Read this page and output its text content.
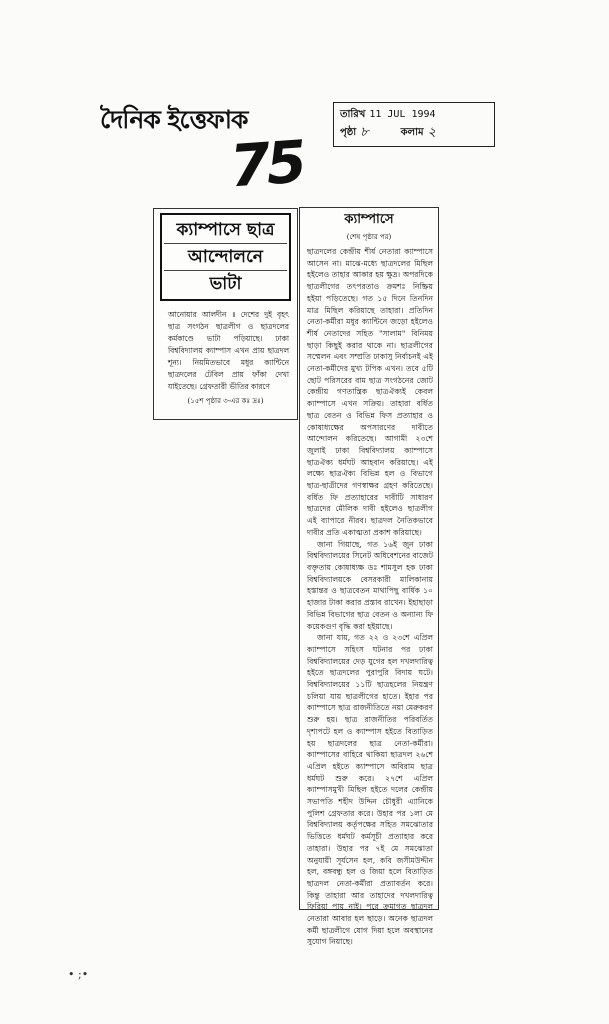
দৈনিক ইত্তেফাক	তারিখ 11 JUL 1994
পৃষ্ঠা ৮	কলাম ২
75
ক্যাম্পাসে ছাত্র
আন্দোলনে
ভাটা
আনোয়ার আলদীন ॥ দেশের দুই বৃহৎ ছাত্র সংগঠন ছাত্রলীগ ও ছাত্রদলের কর্মকাণ্ডে ভাটা পড়িয়াছে। ঢাকা বিশ্ববিদ্যালয় ক্যাম্পাস এখন প্রায় ছাত্রদল শূন্য। নিয়মিতভাবে মধুর ক্যান্টিনে ছাত্রদলের টেবিল প্রায় ফাঁকা দেখা যাইতেছে। গ্রেফতারী ভীতির কারণে
(১৫শ পৃষ্ঠার ৩-এর কঃ দ্রঃ)
ক্যাম্পাসে
(শেষ পৃষ্ঠার পর)

ছাত্রদলের কেন্দ্রীয় শীর্ষ নেতারা ক্যাম্পাসে আসেন না। মাঝে-মধ্যে ছাত্রদলের মিছিল হইলেও তাহার আকার হয় ক্ষুদ্র। অপরদিকে ছাত্রলীগের তৎপরতাও ক্রমশঃ নিষ্ক্রিয় হইয়া পড়িতেছে। গত ১৫ দিনে তিনদিন মাত্র মিছিল করিয়াছে তাহারা। প্রতিদিন নেতা-কর্মীরা মধুর ক্যান্টিনে জড়ো হইলেও শীর্ষ নেতাদের সহিত "সালাম" বিনিময় ছাড়া কিছুই করার থাকে না। ছাত্রলীগের সম্মেলন এবং সম্প্রতি ঢাকাসু নির্বাচনই এই নেতা-কর্মীদের মুখ্য টপিক এখন। তবে ৫টি ছোট পরিসরের বাম ছাত্র সংগঠনের জোট কেন্দ্রীয় গণতান্ত্রিক ছাত্রঐক্যই কেবল ক্যাম্পাসে এখন সক্রিয়। তাহারা বর্ধিত ছাত্র বেতন ও বিভিন্ন ফিস প্রত্যাহার ও কোষাধ্যক্ষের অপসারণের দাবীতে আন্দোলন করিতেছে। আগামী ২৩শে জুলাই ঢাকা বিশ্ববিদ্যালয় ক্যাম্পাসে ছাত্রঐক্য ধর্মঘট আহবান করিয়াছে। এই লক্ষ্যে ছাত্রঐক্য বিভিন্ন হল ও বিভাগে ছাত্র-ছাত্রীদের গণস্বাক্ষর গ্রহণ করিতেছে। বর্ধিত ফি প্রত্যাহারের দাবীটি সাধারণ ছাত্রদের মৌলিক দাবী হইলেও ছাত্রলীগ এই ব্যাপারে নীরব। ছাত্রদল নৈতিকভাবে দাবীর প্রতি একাত্মতা প্রকাশ করিয়াছে।

জানা গিয়াছে, গত ১৬ই জুন ঢাকা বিশ্ববিদ্যালয়ের সিনেট অধিবেশনের বাজেট বক্তৃতায় কোষাধ্যক্ষ ডঃ শামসুল হক ঢাকা বিশ্ববিদ্যালয়কে বেসরকারী মালিকানায় হস্তান্তর ও ছাত্রবেতন মাথাপিছু বার্ষিক ১০ হাজার টাকা করার প্রস্তাব রাখেন। ইহাছাড়া বিভিন্ন বিভাগের ছাত্র বেতন ও অন্যান্য ফি কয়েকগুণ বৃদ্ধি করা হইয়াছে।

জানা যায়, গত ২২ ও ২৩শে এপ্রিল ক্যাম্পাসে সহিংস ঘটনার পর ঢাকা বিশ্ববিদ্যালয়ের দেড় যুগের হল দখলদারিত্ব হইতে ছাত্রদলের পুরাপুরি বিদায় ঘটে। বিশ্ববিদ্যালয়ের ১১টি ছাত্রহলের নিয়ন্ত্রণ চলিয়া যায় ছাত্রলীগের হাতে। ইহার পর ক্যাম্পাসে ছাত্র রাজনীতিতে নয়া মেরুকরণ শুরু হয়। ছাত্র রাজনীতির পরিবর্তিত দৃশ্যপটে হল ও ক্যাম্পাস হইতে বিতাড়িত হয় ছাত্রদলের ছাত্র নেতা-কর্মীরা। ক্যাম্পাসের বাহিরে থাকিয়া ছাত্রদল ২৬শে এপ্রিল হইতে ক্যাম্পাসে অবিরাম ছাত্র ধর্মঘট শুরু করে। ২৭শে এপ্রিল ক্যাম্পাসমুখী মিছিল হইতে দলের কেন্দ্রীয় সভাপতি শহীদ উদ্দিন চৌধুরী এ্যানিকে পুলিশ গ্রেফতার করে। উহার পর ১লা মে বিশ্ববিদ্যালয় কর্তৃপক্ষের সহিত সমঝোতার ভিত্তিতে ধর্মঘট কর্মসূচী প্রত্যাহার করে তাহারা। উহার পর ৭ই মে সমঝোতা অনুযায়ী সূর্যসেন হল, কবি জসীমউদ্দীন হল, বঙ্গবন্ধু হল ও জিয়া হলে বিতাড়িত ছাত্রদল নেতা-কর্মীরা প্রত্যাবর্তন করে। কিন্তু তাহারা আর তাহাদের দখলদারিত্ব ফিরিয়া পায় নাই। পরে ক্রমাগত ছাত্রদল নেতারা আবার হল ছাড়ে। অনেক ছাত্রদল কর্মী ছাত্রলীগে যোগ দিয়া হলে অবস্থানের সুযোগ নিয়াছে।

• ;•
